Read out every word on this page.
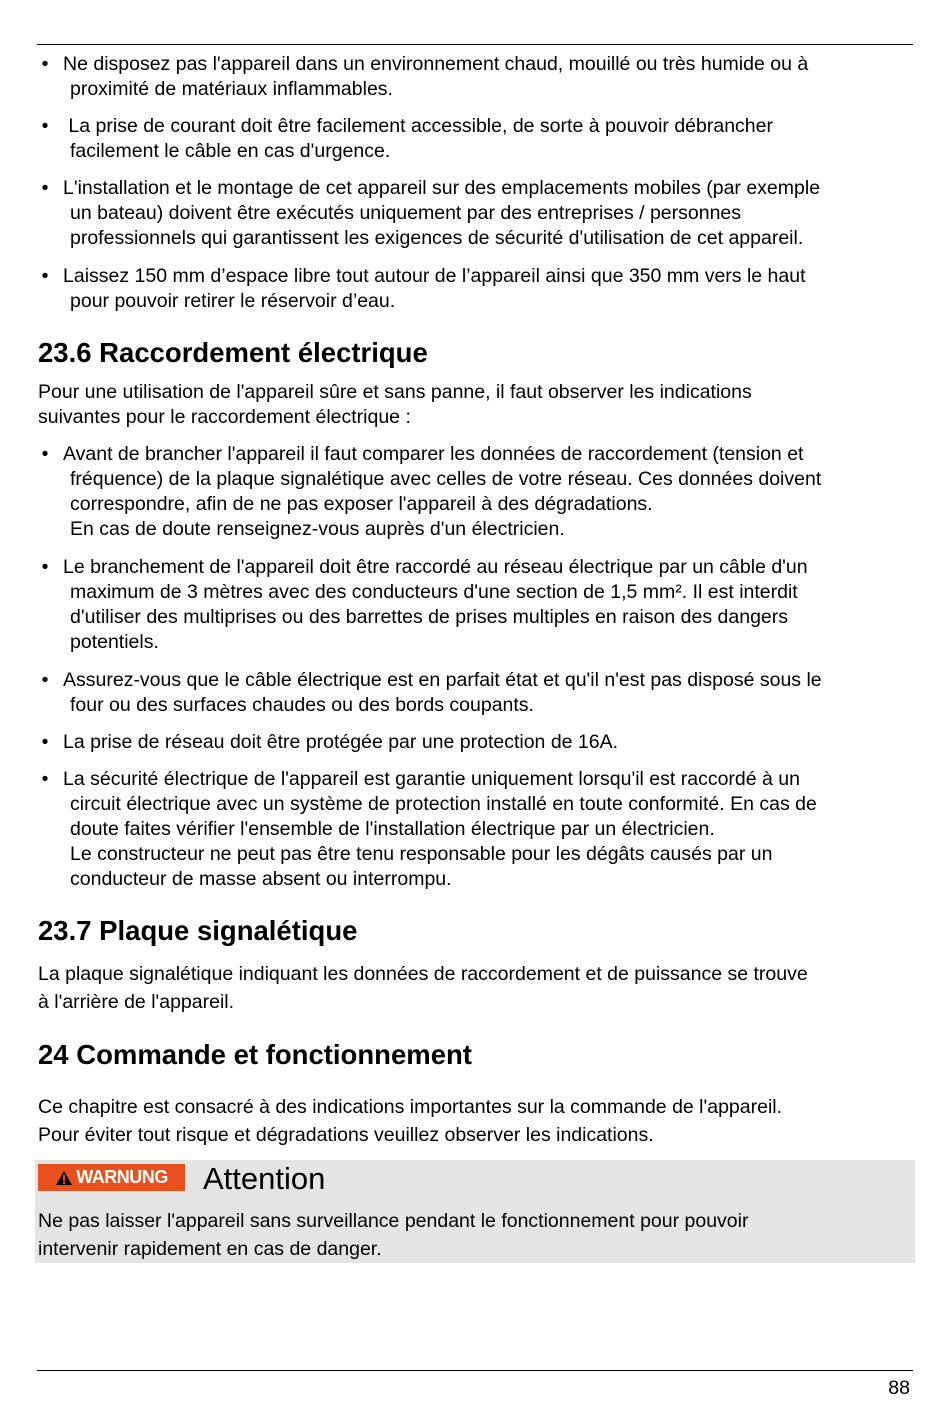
• Ne disposez pas l'appareil dans un environnement chaud, mouillé ou très humide ou à
proximité de matériaux inflammables.
• La prise de courant doit être facilement accessible, de sorte à pouvoir débrancher
facilement le câble en cas d'urgence.
• L'installation et le montage de cet appareil sur des emplacements mobiles (par exemple
un bateau) doivent être exécutés uniquement par des entreprises / personnes
professionnels qui garantissent les exigences de sécurité d'utilisation de cet appareil.
• Laissez 150 mm d’espace libre tout autour de l’appareil ainsi que 350 mm vers le haut
pour pouvoir retirer le réservoir d’eau.
23.6 Raccordement électrique
Pour une utilisation de l'appareil sûre et sans panne, il faut observer les indications
suivantes pour le raccordement électrique :
• Avant de brancher l'appareil il faut comparer les données de raccordement (tension et
fréquence) de la plaque signalétique avec celles de votre réseau. Ces données doivent
correspondre, afin de ne pas exposer l'appareil à des dégradations.
En cas de doute renseignez-vous auprès d'un électricien.
• Le branchement de l'appareil doit être raccordé au réseau électrique par un câble d'un
maximum de 3 mètres avec des conducteurs d'une section de 1,5 mm². Il est interdit
d'utiliser des multiprises ou des barrettes de prises multiples en raison des dangers
potentiels.
• Assurez-vous que le câble électrique est en parfait état et qu'il n'est pas disposé sous le
four ou des surfaces chaudes ou des bords coupants.
• La prise de réseau doit être protégée par une protection de 16A.
• La sécurité électrique de l'appareil est garantie uniquement lorsqu'il est raccordé à un
circuit électrique avec un système de protection installé en toute conformité. En cas de
doute faites vérifier l'ensemble de l'installation électrique par un électricien.
Le constructeur ne peut pas être tenu responsable pour les dégâts causés par un
conducteur de masse absent ou interrompu.
23.7 Plaque signalétique
La plaque signalétique indiquant les données de raccordement et de puissance se trouve
à l'arrière de l'appareil.
24 Commande et fonctionnement
Ce chapitre est consacré à des indications importantes sur la commande de l'appareil.
Pour éviter tout risque et dégradations veuillez observer les indications.
WARNUNG Attention
Ne pas laisser l'appareil sans surveillance pendant le fonctionnement pour pouvoir
intervenir rapidement en cas de danger.
88
